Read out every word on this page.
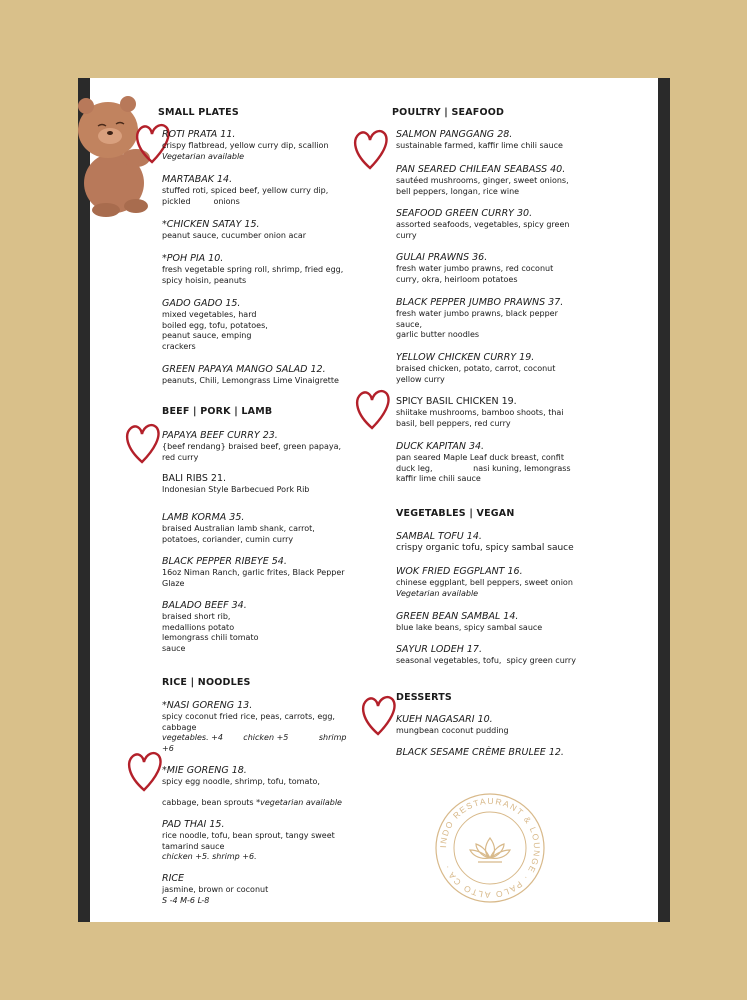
SMALL PLATES
ROTI PRATA 11.
crispy flatbread, yellow curry dip, scallion
Vegetarian available
MARTABAK 14.
stuffed roti, spiced beef, yellow curry dip,
pickled         onions
*CHICKEN SATAY 15.
peanut sauce, cucumber onion acar
*POH PIA 10.
fresh vegetable spring roll, shrimp, fried egg,
spicy hoisin, peanuts
GADO GADO 15.
mixed vegetables, hard
boiled egg, tofu, potatoes,
peanut sauce, emping
crackers
GREEN PAPAYA MANGO SALAD 12.
peanuts, Chili, Lemongrass Lime Vinaigrette
BEEF | PORK | LAMB
PAPAYA BEEF CURRY 23.
{beef rendang} braised beef, green papaya,
red curry
BALI RIBS 21.
Indonesian Style Barbecued Pork Rib
LAMB KORMA 35.
braised Australian lamb shank, carrot,
potatoes, coriander, cumin curry
BLACK PEPPER RIBEYE 54.
16oz Niman Ranch, garlic frites, Black Pepper
Glaze
BALADO BEEF 34.
braised short rib,
medallions potato
lemongrass chili tomato
sauce
RICE | NOODLES
*NASI GORENG 13.
spicy coconut fried rice, peas, carrots, egg,
cabbage
vegetables. +4        chicken +5            shrimp
+6
*MIE GORENG 18.
spicy egg noodle, shrimp, tofu, tomato,

cabbage, bean sprouts *vegetarian available
PAD THAI 15.
rice noodle, tofu, bean sprout, tangy sweet
tamarind sauce
chicken +5. shrimp +6.
RICE
jasmine, brown or coconut
S -4 M-6 L-8
POULTRY | SEAFOOD
SALMON PANGGANG 28.
sustainable farmed, kaffir lime chili sauce
PAN SEARED CHILEAN SEABASS 40.
sautéed mushrooms, ginger, sweet onions,
bell peppers, longan, rice wine
SEAFOOD GREEN CURRY 30.
assorted seafoods, vegetables, spicy green
curry
GULAI PRAWNS 36.
fresh water jumbo prawns, red coconut
curry, okra, heirloom potatoes
BLACK PEPPER JUMBO PRAWNS 37.
fresh water jumbo prawns, black pepper
sauce,
garlic butter noodles
YELLOW CHICKEN CURRY 19.
braised chicken, potato, carrot, coconut
yellow curry
SPICY BASIL CHICKEN 19.
shiitake mushrooms, bamboo shoots, thai
basil, bell peppers, red curry
DUCK KAPITAN 34.
pan seared Maple Leaf duck breast, confit
duck leg,                nasi kuning, lemongrass
kaffir lime chili sauce
VEGETABLES | VEGAN
SAMBAL TOFU 14.
crispy organic tofu, spicy sambal sauce
WOK FRIED EGGPLANT 16.
chinese eggplant, bell peppers, sweet onion
Vegetarian available
GREEN BEAN SAMBAL 14.
blue lake beans, spicy sambal sauce
SAYUR LODEH 17.
seasonal vegetables, tofu,  spicy green curry
DESSERTS
KUEH NAGASARI 10.
mungbean coconut pudding
BLACK SESAME CRÈME BRULEE 12.
INDO RESTAURANT & LOUNGE · PALO ALTO CA ·
